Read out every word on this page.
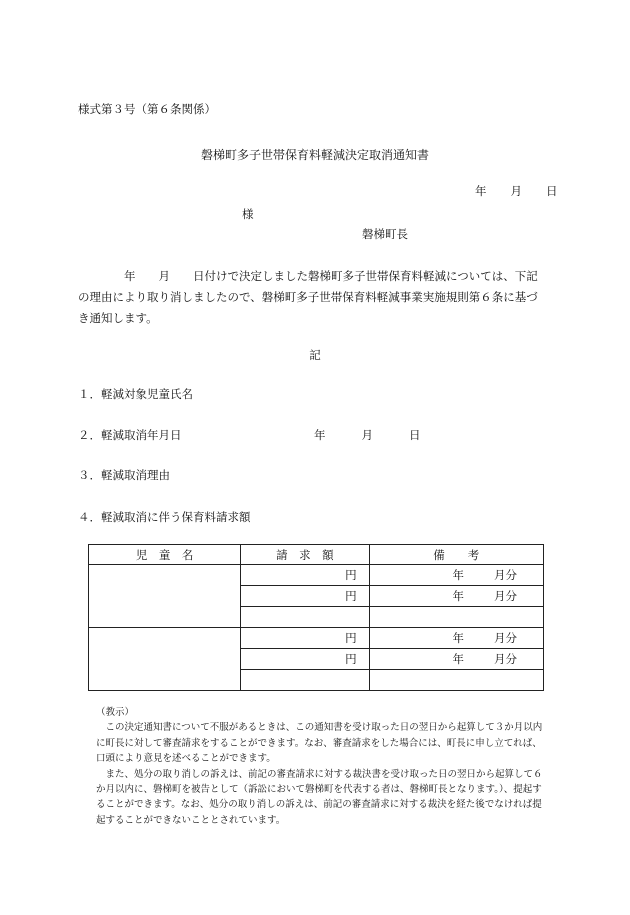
様式第３号（第６条関係）
磐梯町多子世帯保育料軽減決定取消通知書
年 月 日
様
磐梯町長

　　　　年　　月　　日付けで決定しました磐梯町多子世帯保育料軽減については、下記

の理由により取り消しましたので、磐梯町多子世帯保育料軽減事業実施規則第６条に基づ

き通知します。

記
１．軽減対象児童氏名
２．軽減取消年月日	年	月	日
３．軽減取消理由
４．軽減取消に伴う保育料請求額
児　童　名	請　求　額	備　　考
	円	年 月分
	円	年 月分

	円	年 月分
	円	年 月分

（教示）

この決定通知書について不服があるときは、この通知書を受け取った日の翌日から起算して３か月以内に町長に対して審査請求をすることができます。なお、審査請求をした場合には、町長に申し立てれば、口頭により意見を述べることができます。

また、処分の取り消しの訴えは、前記の審査請求に対する裁決書を受け取った日の翌日から起算して６か月以内に、磐梯町を被告として（訴訟において磐梯町を代表する者は、磐梯町長となります。）、提起することができます。なお、処分の取り消しの訴えは、前記の審査請求に対する裁決を経た後でなければ提起することができないこととされています。
